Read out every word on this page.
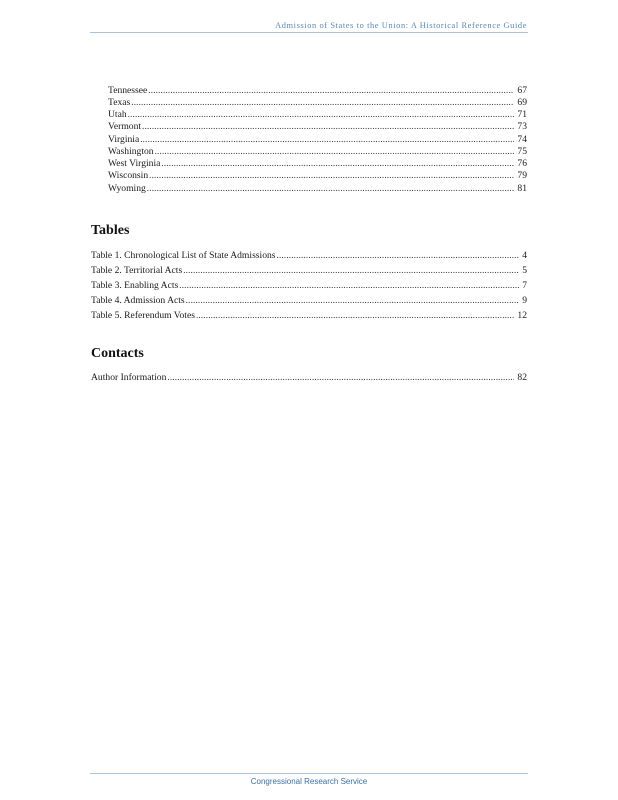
Admission of States to the Union: A Historical Reference Guide
Tennessee .....	67
Texas .....	69
Utah .....	71
Vermont .....	73
Virginia .....	74
Washington .....	75
West Virginia .....	76
Wisconsin .....	79
Wyoming .....	81
Tables
Table 1. Chronological List of State Admissions .....	4
Table 2. Territorial Acts .....	5
Table 3. Enabling Acts .....	7
Table 4. Admission Acts .....	9
Table 5. Referendum Votes .....	12
Contacts
Author Information .....	82
Congressional Research Service
